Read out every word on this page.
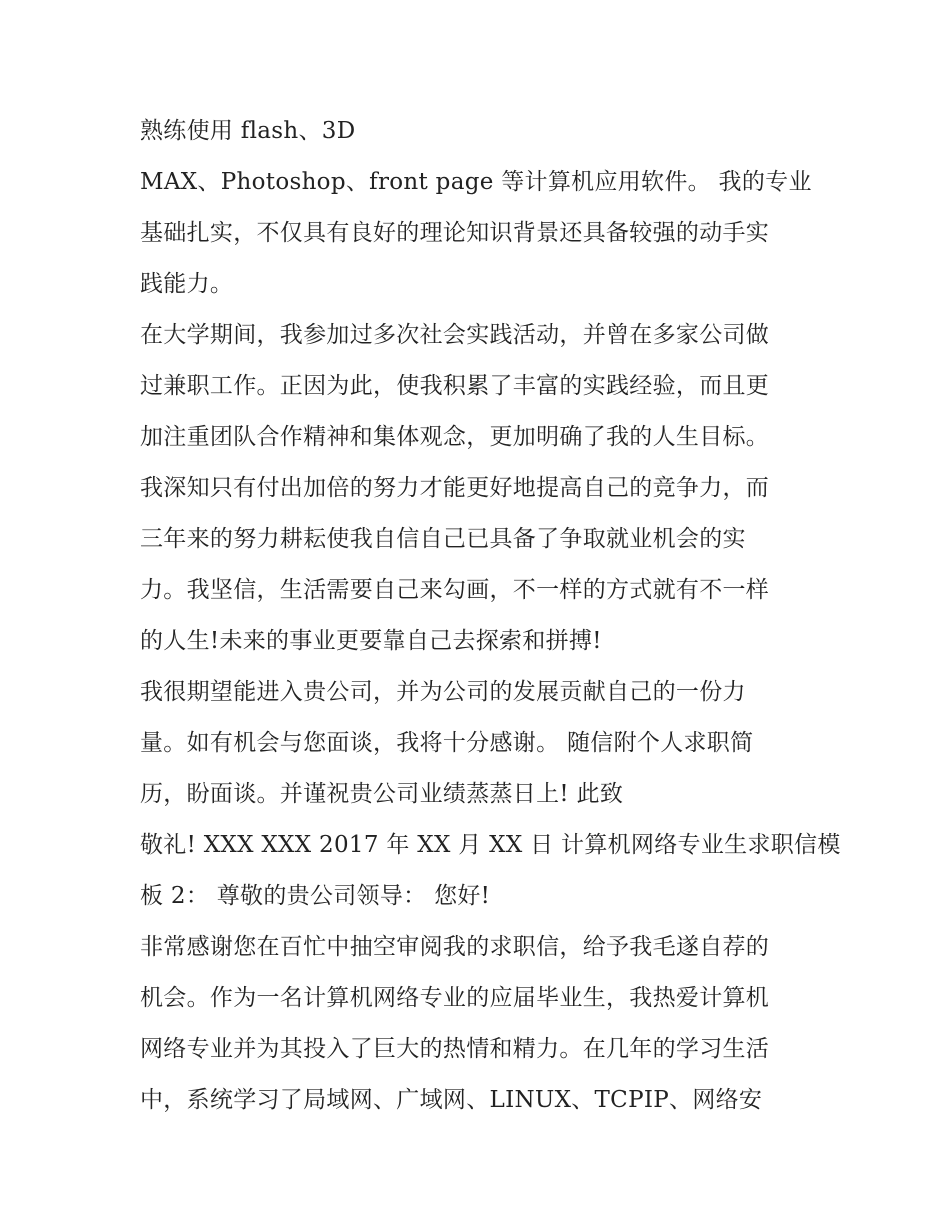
熟练使用 flash、3D
MAX、Photoshop、front page 等计算机应用软件。 我的专业
基础扎实，不仅具有良好的理论知识背景还具备较强的动手实
践能力。
在大学期间，我参加过多次社会实践活动，并曾在多家公司做
过兼职工作。正因为此，使我积累了丰富的实践经验，而且更
加注重团队合作精神和集体观念，更加明确了我的人生目标。
我深知只有付出加倍的努力才能更好地提高自己的竞争力，而
三年来的努力耕耘使我自信自己已具备了争取就业机会的实
力。我坚信，生活需要自己来勾画，不一样的方式就有不一样
的人生!未来的事业更要靠自己去探索和拼搏!
我很期望能进入贵公司，并为公司的发展贡献自己的一份力
量。如有机会与您面谈，我将十分感谢。 随信附个人求职简
历，盼面谈。并谨祝贵公司业绩蒸蒸日上! 此致
敬礼! XXX XXX 2017 年 XX 月 XX 日 计算机网络专业生求职信模
板 2： 尊敬的贵公司领导： 您好!
非常感谢您在百忙中抽空审阅我的求职信，给予我毛遂自荐的
机会。作为一名计算机网络专业的应届毕业生，我热爱计算机
网络专业并为其投入了巨大的热情和精力。在几年的学习生活
中，系统学习了局域网、广域网、LINUX、TCPIP、网络安
